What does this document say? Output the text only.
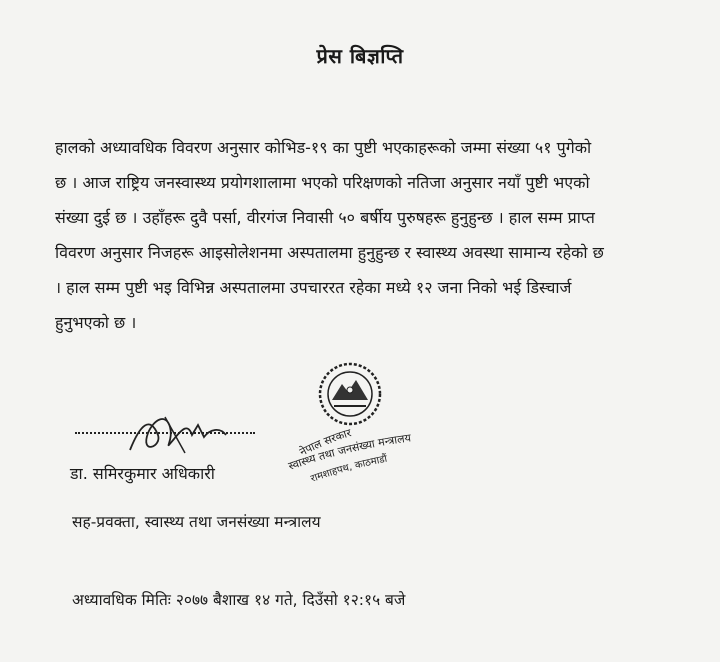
प्रेस बिज्ञप्ति
हालको अध्यावधिक विवरण अनुसार कोभिड-१९ का पुष्टी भएकाहरूको जम्मा संख्या ५१ पुगेको
छ । आज राष्ट्रिय जनस्वास्थ्य प्रयोगशालामा भएको परिक्षणको नतिजा अनुसार नयाँ पुष्टी भएको
संख्या दुई छ । उहाँहरू दुवै पर्सा, वीरगंज निवासी ५० बर्षीय पुरुषहरू हुनुहुन्छ । हाल सम्म प्राप्त
विवरण अनुसार निजहरू आइसोलेशनमा अस्पतालमा हुनुहुन्छ र स्वास्थ्य अवस्था सामान्य रहेको छ
। हाल सम्म पुष्टी भइ विभिन्न अस्पतालमा उपचाररत रहेका मध्ये १२ जना निको भई डिस्चार्ज
हुनुभएको छ ।
नेपाल सरकार
स्वास्थ्य तथा जनसंख्या मन्त्रालय
रामशाहपथ, काठमाडौं
डा. समिरकुमार अधिकारी
सह-प्रवक्ता, स्वास्थ्य तथा जनसंख्या मन्त्रालय
अध्यावधिक मितिः २०७७ बैशाख १४ गते, दिउँसो १२:१५ बजे
